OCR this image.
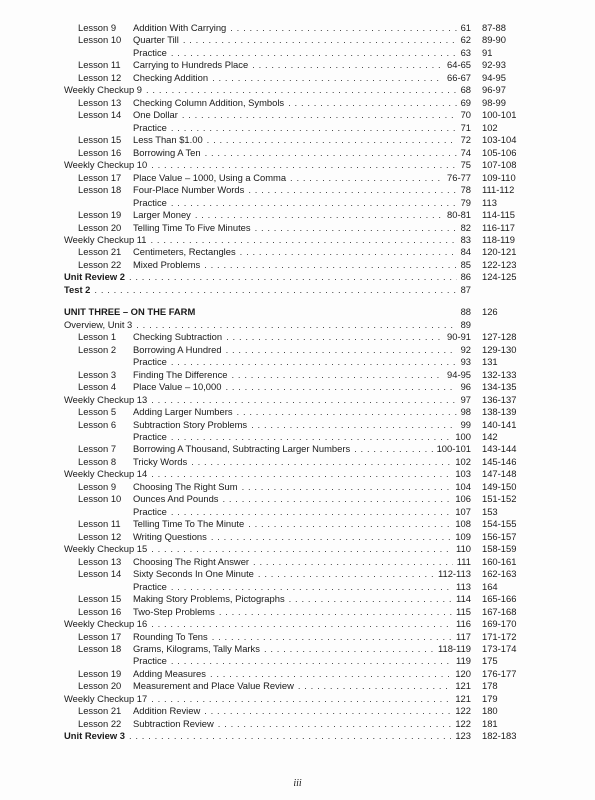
Lesson 9 Addition With Carrying	61 87-88
. . .
Lesson 10 Quarter Till	62 89-90
. . .
Practice	63 91
. . .
Lesson 11 Carrying to Hundreds Place	64-65 92-93
. . .
Lesson 12 Checking Addition	66-67 94-95
. . .
Weekly Checkup 9	68 96-97
. . .
Lesson 13 Checking Column Addition, Symbols	69 98-99
. . .
Lesson 14 One Dollar	70 100-101
. . .
Practice	71 102
. . .
Lesson 15 Less Than $1.00	72 103-104
. . .
Lesson 16 Borrowing A Ten	74 105-106
. . .
Weekly Checkup 10	75 107-108
. . .
Lesson 17 Place Value – 1000, Using a Comma	76-77 109-110
. . .
Lesson 18 Four-Place Number Words	78 111-112
. . .
Practice	79 113
. . .
Lesson 19 Larger Money	80-81 114-115
. . .
Lesson 20 Telling Time To Five Minutes	82 116-117
. . .
Weekly Checkup 11	83 118-119
. . .
Lesson 21 Centimeters, Rectangles	84 120-121
. . .
Lesson 22 Mixed Problems	85 122-123
. . .
Unit Review 2	86 124-125
. . .
Test 2	87
. . .
UNIT THREE – ON THE FARM	88 126
Overview, Unit 3	89
. . .
Lesson 1 Checking Subtraction	90-91 127-128
. . .
Lesson 2 Borrowing A Hundred	92 129-130
. . .
Practice	93 131
. . .
Lesson 3 Finding The Difference	94-95 132-133
. . .
Lesson 4 Place Value – 10,000	96 134-135
. . .
Weekly Checkup 13	97 136-137
. . .
Lesson 5 Adding Larger Numbers	98 138-139
. . .
Lesson 6 Subtraction Story Problems	99 140-141
. . .
Practice	100 142
. . .
Lesson 7 Borrowing A Thousand, Subtracting Larger Numbers	100-101 143-144
. . .
Lesson 8 Tricky Words	102 145-146
. . .
Weekly Checkup 14	103 147-148
. . .
Lesson 9 Choosing The Right Sum	104 149-150
. . .
Lesson 10 Ounces And Pounds	106 151-152
. . .
Practice	107 153
. . .
Lesson 11 Telling Time To The Minute	108 154-155
. . .
Lesson 12 Writing Questions	109 156-157
. . .
Weekly Checkup 15	110 158-159
. . .
Lesson 13 Choosing The Right Answer	111 160-161
. . .
Lesson 14 Sixty Seconds In One Minute	112-113 162-163
. . .
Practice	113 164
. . .
Lesson 15 Making Story Problems, Pictographs	114 165-166
. . .
Lesson 16 Two-Step Problems	115 167-168
. . .
Weekly Checkup 16	116 169-170
. . .
Lesson 17 Rounding To Tens	117 171-172
. . .
Lesson 18 Grams, Kilograms, Tally Marks	118-119 173-174
. . .
Practice	119 175
. . .
Lesson 19 Adding Measures	120 176-177
. . .
Lesson 20 Measurement and Place Value Review	121 178
. . .
Weekly Checkup 17	121 179
. . .
Lesson 21 Addition Review	122 180
. . .
Lesson 22 Subtraction Review	122 181
. . .
Unit Review 3	123 182-183
. . .
iii
